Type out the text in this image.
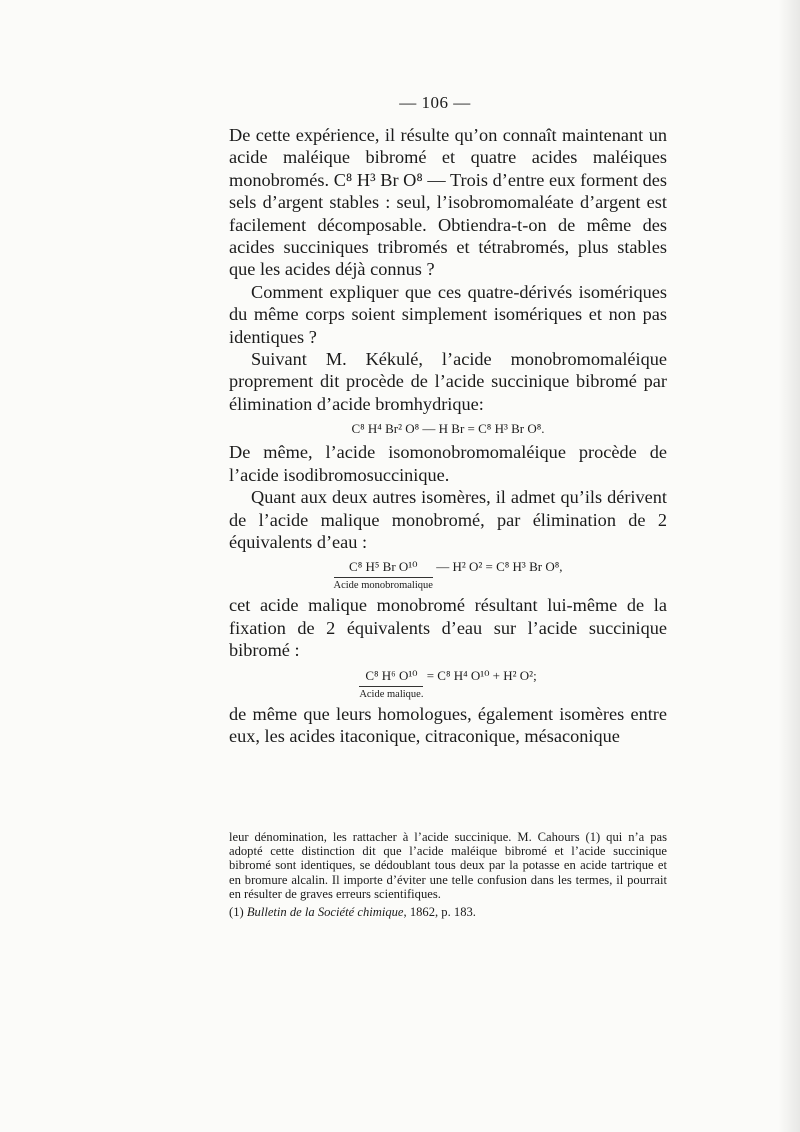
— 106 —

De cette expérience, il résulte qu’on connaît maintenant un acide maléique bibromé et quatre acides maléiques monobromés. C⁸ H³ Br O⁸ — Trois d’entre eux forment des sels d’argent stables : seul, l’isobromomaléate d’argent est facilement décomposable. Obtiendra-t-on de même des acides succiniques tribromés et tétrabromés, plus stables que les acides déjà connus ?

Comment expliquer que ces quatre-dérivés isomériques du même corps soient simplement isomériques et non pas identiques ?

Suivant M. Kékulé, l’acide monobromomaléique proprement dit procède de l’acide succinique bibromé par élimination d’acide bromhydrique:

C⁸ H⁴ Br² O⁸ — H Br = C⁸ H³ Br O⁸.

De même, l’acide isomonobromomaléique procède de l’acide isodibromosuccinique.

Quant aux deux autres isomères, il admet qu’ils dérivent de l’acide malique monobromé, par élimination de 2 équivalents d’eau :

C⁸ H⁵ Br O¹⁰
Acide monobromalique
— H² O² = C⁸ H³ Br O⁸,

cet acide malique monobromé résultant lui-même de la fixation de 2 équivalents d’eau sur l’acide succinique bibromé :

C⁸ H⁶ O¹⁰
Acide malique.
= C⁸ H⁴ O¹⁰ + H² O²;

de même que leurs homologues, également isomères entre eux, les acides itaconique, citraconique, mésaconique

leur dénomination, les rattacher à l’acide succinique. M. Cahours (1) qui n’a pas adopté cette distinction dit que l’acide maléique bibromé et l’acide succinique bibromé sont identiques, se dédoublant tous deux par la potasse en acide tartrique et en bromure alcalin. Il importe d’éviter une telle confusion dans les termes, il pourrait en résulter de graves erreurs scientifiques.

(1) Bulletin de la Société chimique, 1862, p. 183.
